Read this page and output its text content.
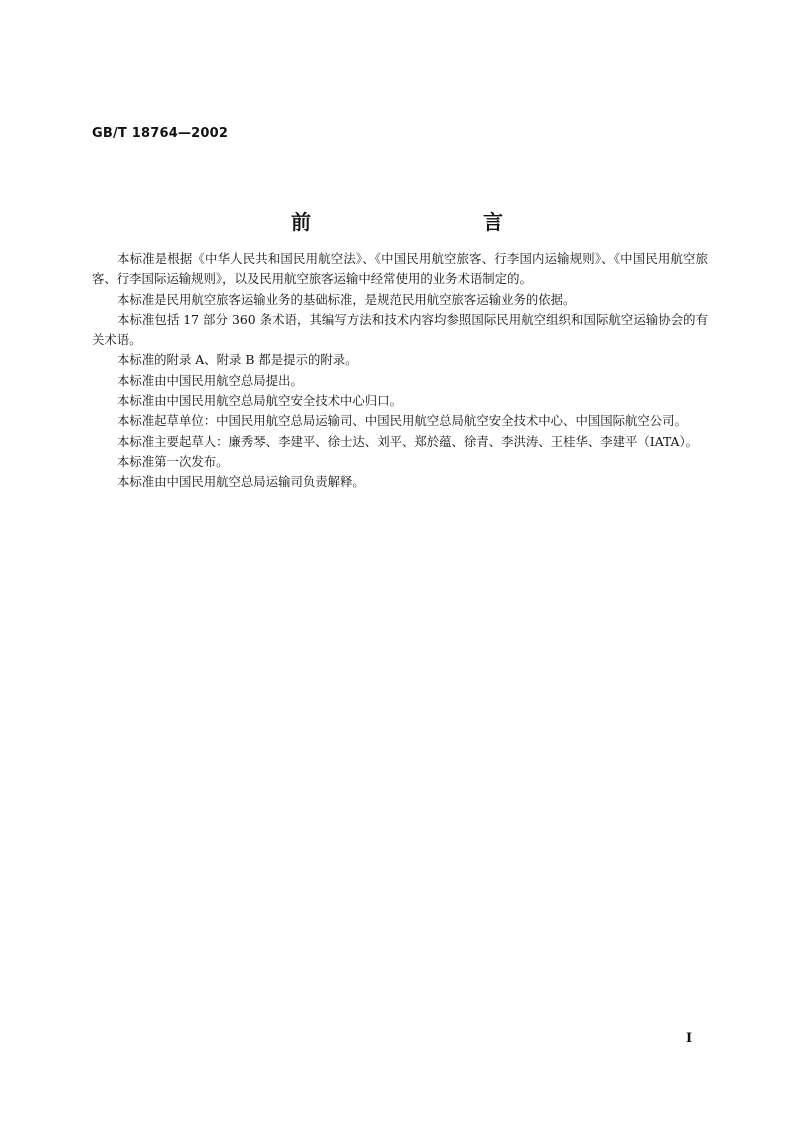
GB/T 18764—2002
前　　言

本标准是根据《中华人民共和国民用航空法》、《中国民用航空旅客、行李国内运输规则》、《中国民用航空旅客、行李国际运输规则》，以及民用航空旅客运输中经常使用的业务术语制定的。

本标准是民用航空旅客运输业务的基础标准，是规范民用航空旅客运输业务的依据。

本标准包括 17 部分 360 条术语，其编写方法和技术内容均参照国际民用航空组织和国际航空运输协会的有关术语。

本标准的附录 A、附录 B 都是提示的附录。

本标准由中国民用航空总局提出。

本标准由中国民用航空总局航空安全技术中心归口。

本标准起草单位：中国民用航空总局运输司、中国民用航空总局航空安全技术中心、中国国际航空公司。

本标准主要起草人：廉秀琴、李建平、徐士达、刘平、郑於蕴、徐青、李洪涛、王桂华、李建平（IATA）。

本标准第一次发布。

本标准由中国民用航空总局运输司负责解释。

I
